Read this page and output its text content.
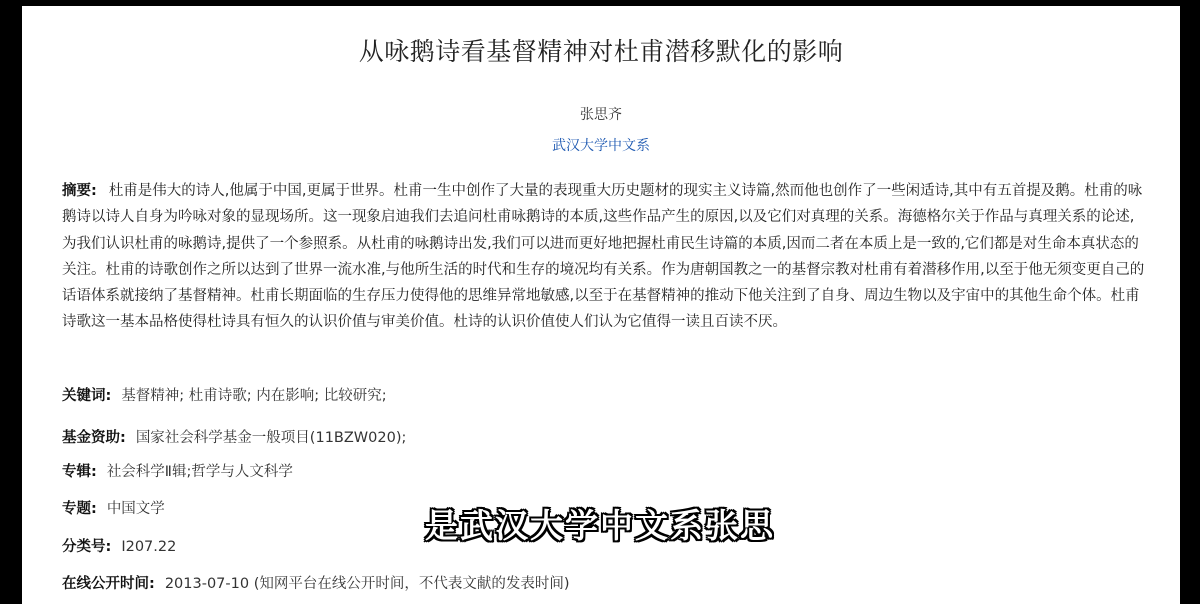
从咏鹅诗看基督精神对杜甫潜移默化的影响
张思齐
武汉大学中文系
摘要: 杜甫是伟大的诗人,他属于中国,更属于世界。杜甫一生中创作了大量的表现重大历史题材的现实主义诗篇,然而他也创作了一些闲适诗,其中有五首提及鹅。杜甫的咏鹅诗以诗人自身为吟咏对象的显现场所。这一现象启迪我们去追问杜甫咏鹅诗的本质,这些作品产生的原因,以及它们对真理的关系。海德格尔关于作品与真理关系的论述,为我们认识杜甫的咏鹅诗,提供了一个参照系。从杜甫的咏鹅诗出发,我们可以进而更好地把握杜甫民生诗篇的本质,因而二者在本质上是一致的,它们都是对生命本真状态的关注。杜甫的诗歌创作之所以达到了世界一流水准,与他所生活的时代和生存的境况均有关系。作为唐朝国教之一的基督宗教对杜甫有着潜移作用,以至于他无须变更自己的话语体系就接纳了基督精神。杜甫长期面临的生存压力使得他的思维异常地敏感,以至于在基督精神的推动下他关注到了自身、周边生物以及宇宙中的其他生命个体。杜甫诗歌这一基本品格使得杜诗具有恒久的认识价值与审美价值。杜诗的认识价值使人们认为它值得一读且百读不厌。
关键词: 基督精神; 杜甫诗歌; 内在影响; 比较研究;
基金资助: 国家社会科学基金一般项目(11BZW020);
专辑: 社会科学Ⅱ辑;哲学与人文科学
专题: 中国文学
分类号: I207.22
在线公开时间: 2013-07-10 (知网平台在线公开时间，不代表文献的发表时间)
是武汉大学中文系张思
